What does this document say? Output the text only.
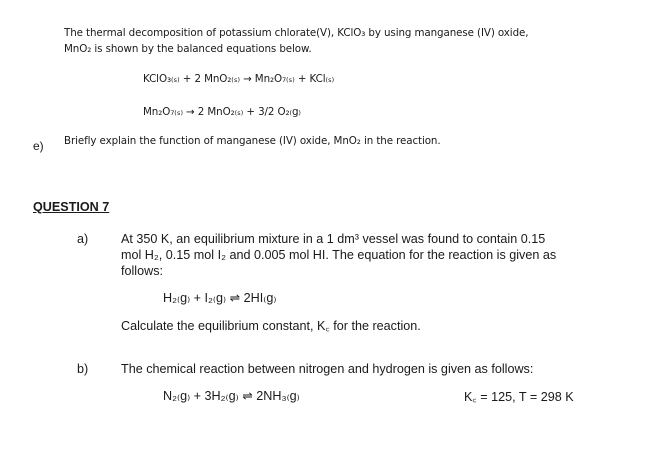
The thermal decomposition of potassium chlorate(V), KClO₃ by using manganese (IV) oxide,
MnO₂ is shown by the balanced equations below.
KClO₃₍ₛ₎ + 2 MnO₂₍ₛ₎ → Mn₂O₇₍ₛ₎ + KCl₍ₛ₎
Mn₂O₇₍ₛ₎ → 2 MnO₂₍ₛ₎ + 3/2 O₂₍g₎
e) Briefly explain the function of manganese (IV) oxide, MnO₂ in the reaction.
QUESTION 7
a)	At 350 K, an equilibrium mixture in a 1 dm³ vessel was found to contain 0.15
mol H₂, 0.15 mol I₂ and 0.005 mol HI. The equation for the reaction is given as
follows:
H₂₍g₎ + I₂₍g₎ ⇌ 2HI₍g₎
Calculate the equilibrium constant, K꜀ for the reaction.
b)	The chemical reaction between nitrogen and hydrogen is given as follows:
N₂₍g₎ + 3H₂₍g₎ ⇌ 2NH₃₍g₎	K꜀ = 125, T = 298 K
